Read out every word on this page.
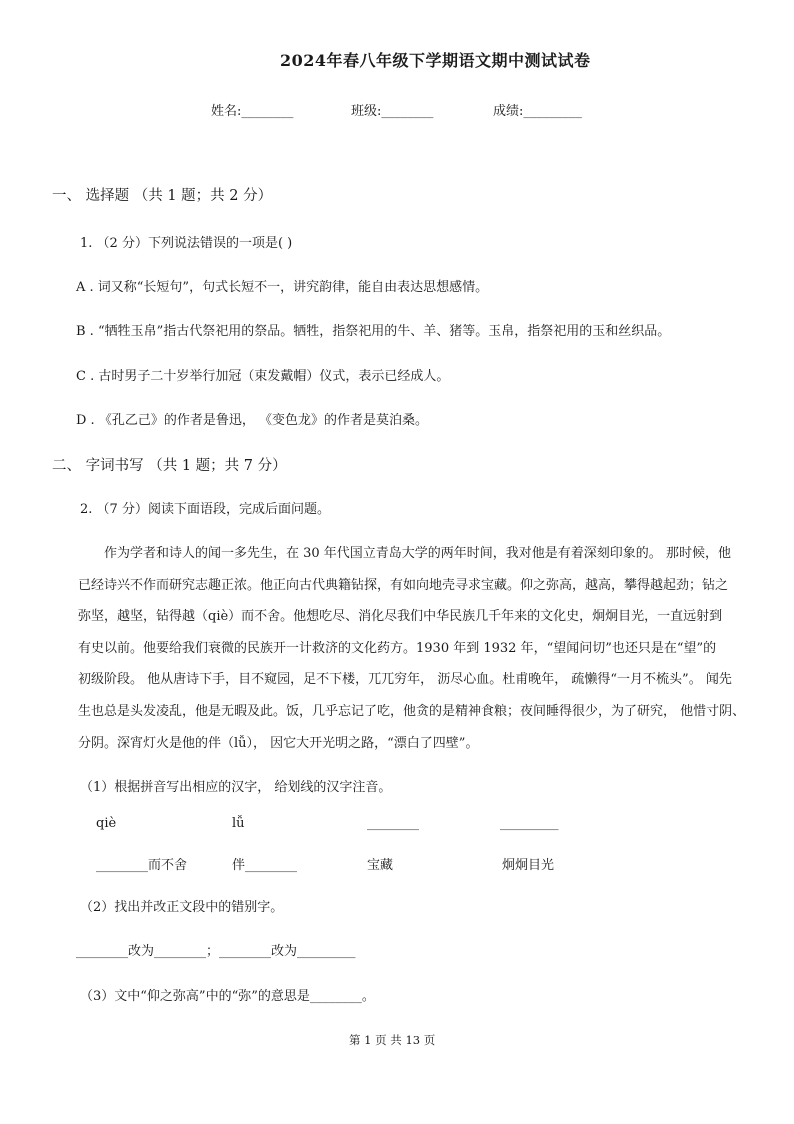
2024年春八年级下学期语文期中测试试卷
姓名:________	班级:________	成绩:_________
一、 选择题 （共 1 题；共 2 分）
1. （2 分）下列说法错误的一项是( )
A . 词又称“长短句”，句式长短不一，讲究韵律，能自由表达思想感情。
B . “牺牲玉帛”指古代祭祀用的祭品。牺牲，指祭祀用的牛、羊、猪等。玉帛，指祭祀用的玉和丝织品。
C . 古时男子二十岁举行加冠（束发戴帽）仪式，表示已经成人。
D . 《孔乙己》的作者是鲁迅， 《变色龙》的作者是莫泊桑。
二、 字词书写 （共 1 题；共 7 分）
2. （7 分）阅读下面语段，完成后面问题。
作为学者和诗人的闻一多先生，在 30 年代国立青岛大学的两年时间，我对他是有着深刻印象的。 那时候，他
已经诗兴不作而研究志趣正浓。他正向古代典籍钻探，有如向地壳寻求宝藏。仰之弥高，越高，攀得越起劲；钻之
弥坚，越坚，钻得越（qiè）而不舍。他想吃尽、消化尽我们中华民族几千年来的文化史，炯炯目光，一直远射到
有史以前。他要给我们衰微的民族开一计救济的文化药方。1930 年到 1932 年，“望闻问切”也还只是在“望”的
初级阶段。 他从唐诗下手，目不窥园，足不下楼，兀兀穷年， 沥尽心血。杜甫晚年， 疏懒得“一月不梳头”。 闻先
生也总是头发凌乱，他是无暇及此。饭，几乎忘记了吃，他贪的是精神食粮；夜间睡得很少，为了研究， 他惜寸阴、
分阴。深宵灯火是他的伴（lǚ）， 因它大开光明之路，“漂白了四壁”。
（1）根据拼音写出相应的汉字， 给划线的汉字注音。
qiè	lǚ	________	_________
________而不舍	伴________	宝藏	炯炯目光
（2）找出并改正文段中的错别字。
________改为________；________改为_________
（3）文中“仰之弥高”中的“弥”的意思是________。
第 1 页 共 13 页
